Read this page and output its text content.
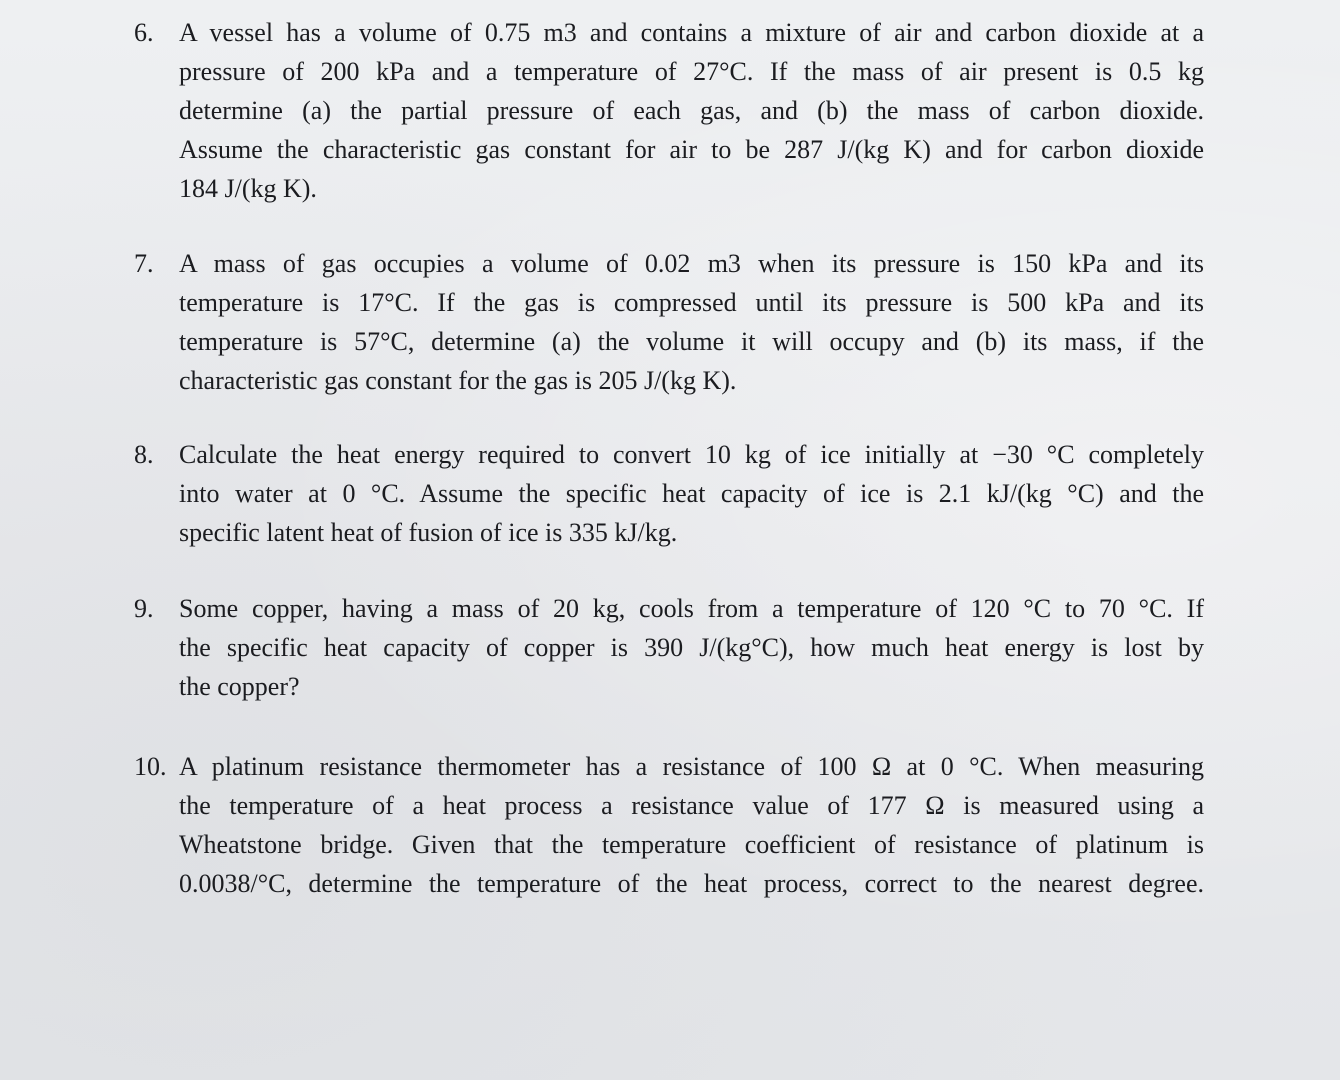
6. A vessel has a volume of 0.75 m3 and contains a mixture of air and carbon dioxide at a
pressure of 200 kPa and a temperature of 27°C. If the mass of air present is 0.5 kg
determine (a) the partial pressure of each gas, and (b) the mass of carbon dioxide.
Assume the characteristic gas constant for air to be 287 J/(kg K) and for carbon dioxide
184 J/(kg K).
7. A mass of gas occupies a volume of 0.02 m3 when its pressure is 150 kPa and its
temperature is 17°C. If the gas is compressed until its pressure is 500 kPa and its
temperature is 57°C, determine (a) the volume it will occupy and (b) its mass, if the
characteristic gas constant for the gas is 205 J/(kg K).
8. Calculate the heat energy required to convert 10 kg of ice initially at −30 °C completely
into water at 0 °C. Assume the specific heat capacity of ice is 2.1 kJ/(kg °C) and the
specific latent heat of fusion of ice is 335 kJ/kg.
9. Some copper, having a mass of 20 kg, cools from a temperature of 120 °C to 70 °C. If
the specific heat capacity of copper is 390 J/(kg°C), how much heat energy is lost by
the copper?
10. A platinum resistance thermometer has a resistance of 100 Ω at 0 °C. When measuring
the temperature of a heat process a resistance value of 177 Ω is measured using a
Wheatstone bridge. Given that the temperature coefficient of resistance of platinum is
0.0038/°C, determine the temperature of the heat process, correct to the nearest degree.
